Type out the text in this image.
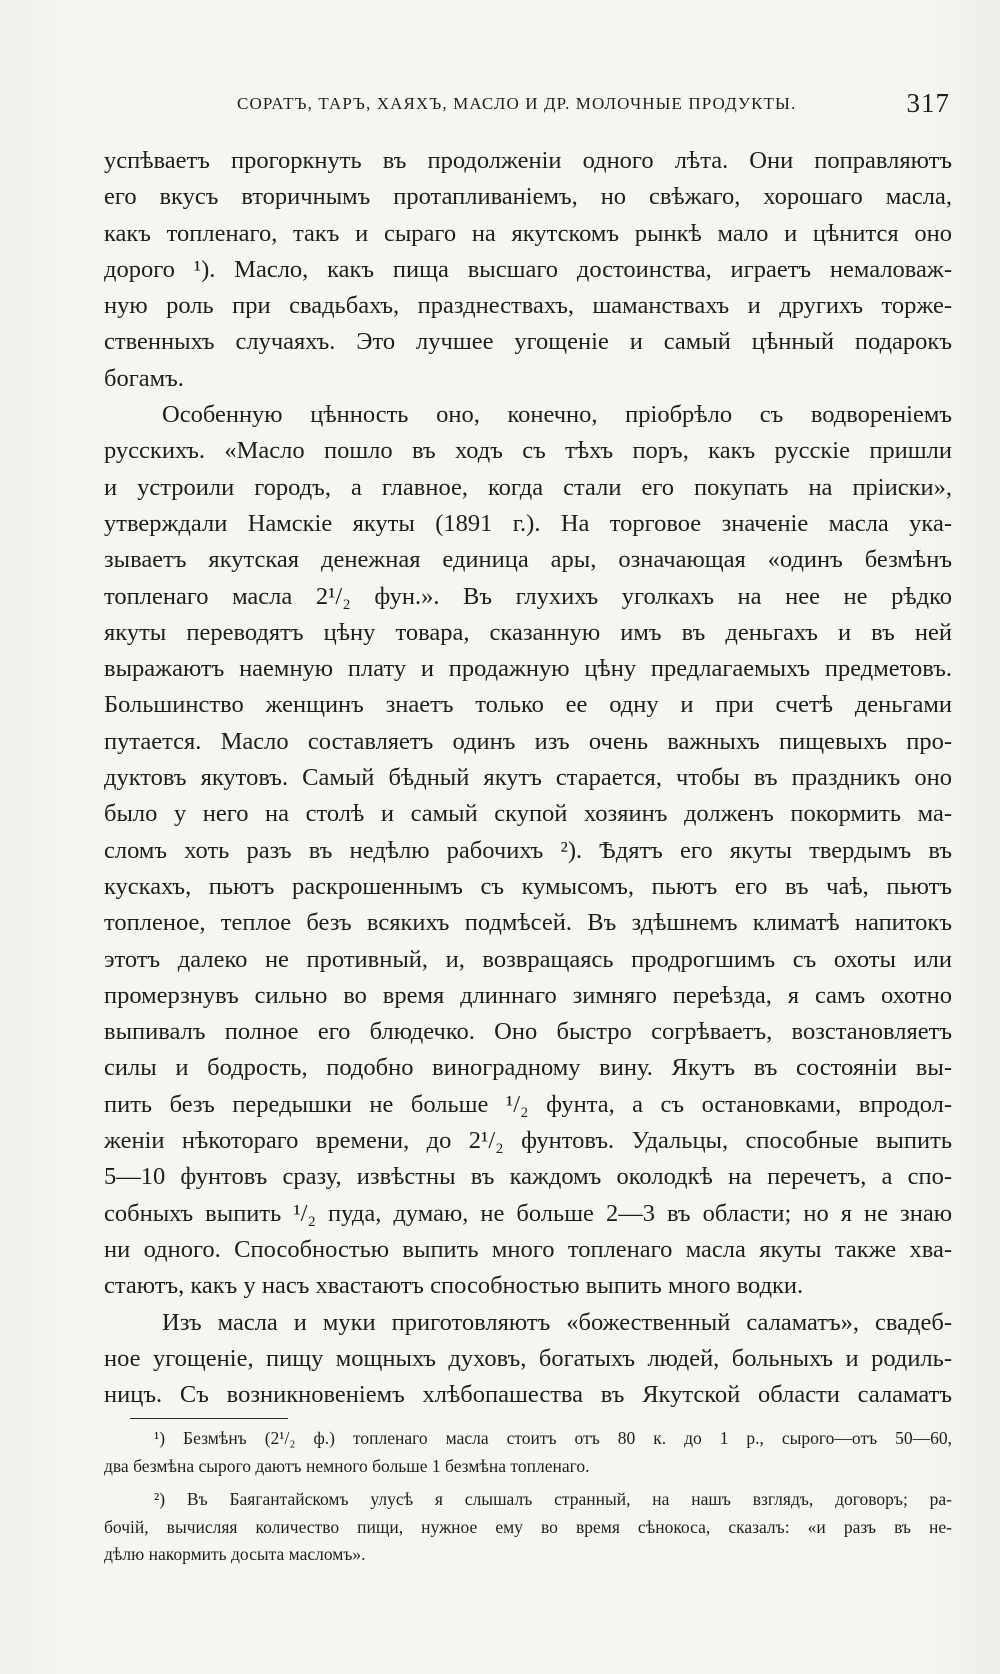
СОРАТЪ, ТАРЪ, ХАЯХЪ, МАСЛО И ДР. МОЛОЧНЫЕ ПРОДУКТЫ.	317
успѣваетъ прогоркнуть въ продолженіи одного лѣта. Они поправляютъ
его вкусъ вторичнымъ протапливаніемъ, но свѣжаго, хорошаго масла,
какъ топленаго, такъ и сыраго на якутскомъ рынкѣ мало и цѣнится оно
дорого ¹). Масло, какъ пища высшаго достоинства, играетъ немаловаж-
ную роль при свадьбахъ, празднествахъ, шаманствахъ и другихъ торже-
ственныхъ случаяхъ. Это лучшее угощеніе и самый цѣнный подарокъ
богамъ.
Особенную цѣнность оно, конечно, пріобрѣло съ водвореніемъ
русскихъ. «Масло пошло въ ходъ съ тѣхъ поръ, какъ русскіе пришли
и устроили городъ, а главное, когда стали его покупать на пріиски»,
утверждали Намскіе якуты (1891 г.). На торговое значеніе масла ука-
зываетъ якутская денежная единица ары, означающая «одинъ безмѣнъ
топленаго масла 2¹/₂ фун.». Въ глухихъ уголкахъ на нее не рѣдко
якуты переводятъ цѣну товара, сказанную имъ въ деньгахъ и въ ней
выражаютъ наемную плату и продажную цѣну предлагаемыхъ предметовъ.
Большинство женщинъ знаетъ только ее одну и при счетѣ деньгами
путается. Масло составляетъ одинъ изъ очень важныхъ пищевыхъ про-
дуктовъ якутовъ. Самый бѣдный якутъ старается, чтобы въ праздникъ оно
было у него на столѣ и самый скупой хозяинъ долженъ покормить ма-
сломъ хоть разъ въ недѣлю рабочихъ ²). Ѣдятъ его якуты твердымъ въ
кускахъ, пьютъ раскрошеннымъ съ кумысомъ, пьютъ его въ чаѣ, пьютъ
топленое, теплое безъ всякихъ подмѣсей. Въ здѣшнемъ климатѣ напитокъ
этотъ далеко не противный, и, возвращаясь продрогшимъ съ охоты или
промерзнувъ сильно во время длиннаго зимняго переѣзда, я самъ охотно
выпивалъ полное его блюдечко. Оно быстро согрѣваетъ, возстановляетъ
силы и бодрость, подобно виноградному вину. Якутъ въ состояніи вы-
пить безъ передышки не больше ¹/₂ фунта, а съ остановками, впродол-
женіи нѣкотораго времени, до 2¹/₂ фунтовъ. Удальцы, способные выпить
5—10 фунтовъ сразу, извѣстны въ каждомъ околодкѣ на перечетъ, а спо-
собныхъ выпить ¹/₂ пуда, думаю, не больше 2—3 въ области; но я не знаю
ни одного. Способностью выпить много топленаго масла якуты также хва-
стаютъ, какъ у насъ хвастаютъ способностью выпить много водки.
Изъ масла и муки приготовляютъ «божественный саламатъ», свадеб-
ное угощеніе, пищу мощныхъ духовъ, богатыхъ людей, больныхъ и родиль-
ницъ. Съ возникновеніемъ хлѣбопашества въ Якутской области саламатъ
¹) Безмѣнъ (2¹/₂ ф.) топленаго масла стоитъ отъ 80 к. до 1 р., сырого—отъ 50—60,
два безмѣна сырого даютъ немного больше 1 безмѣна топленаго.
²) Въ Баягантайскомъ улусѣ я слышалъ странный, на нашъ взглядъ, договоръ; ра-
бочій, вычисляя количество пищи, нужное ему во время сѣнокоса, сказалъ: «и разъ въ не-
дѣлю накормить досыта масломъ».
